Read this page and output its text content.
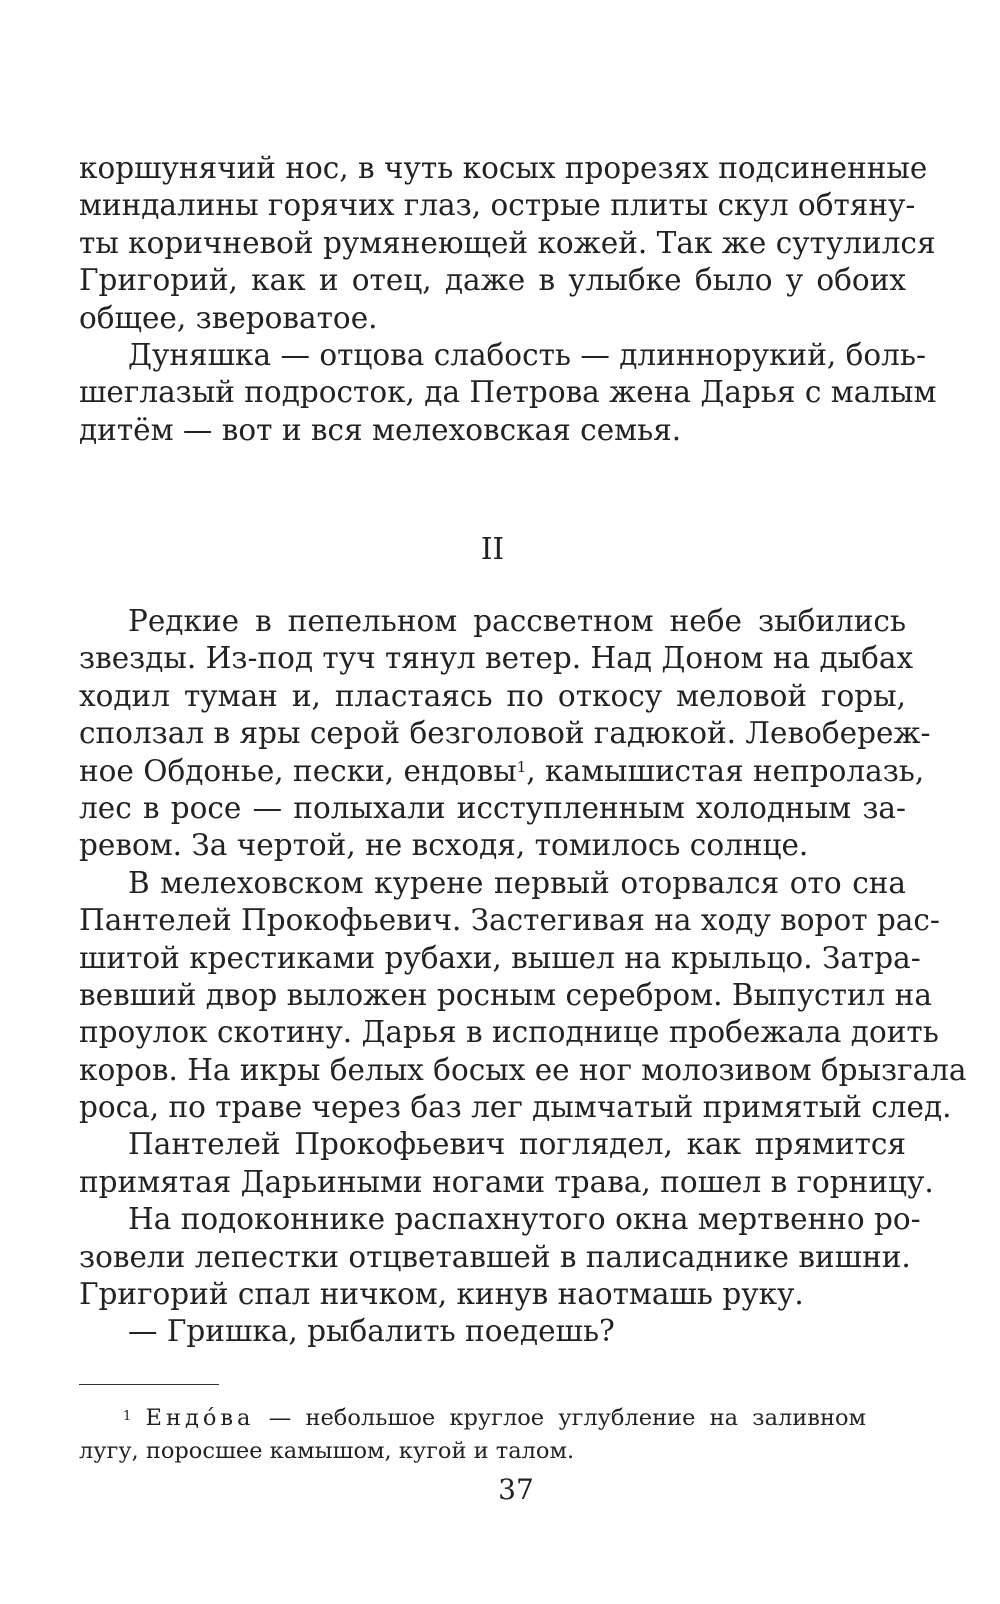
коршунячий нос, в чуть косых прорезях подсиненные
миндалины горячих глаз, острые плиты скул обтяну-
ты коричневой румянеющей кожей. Так же сутулился
Григорий, как и отец, даже в улыбке было у обоих
общее, звероватое.
Дуняшка — отцова слабость — длиннорукий, боль-
шеглазый подросток, да Петрова жена Дарья с малым
дитём — вот и вся мелеховская семья.
II
Редкие в пепельном рассветном небе зыбились
звезды. Из-под туч тянул ветер. Над Доном на дыбах
ходил туман и, пластаясь по откосу меловой горы,
сползал в яры серой безголовой гадюкой. Левобереж-
ное Обдонье, пески, ендовы$^1$, камышистая непролазь,
лес в росе — полыхали исступленным холодным за-
ревом. За чертой, не всходя, томилось солнце.
В мелеховском курене первый оторвался ото сна
Пантелей Прокофьевич. Застегивая на ходу ворот рас-
шитой крестиками рубахи, вышел на крыльцо. Затра-
вевший двор выложен росным серебром. Выпустил на
проулок скотину. Дарья в исподнице пробежала доить
коров. На икры белых босых ее ног молозивом брызгала
роса, по траве через баз лег дымчатый примятый след.
Пантелей Прокофьевич поглядел, как прямится
примятая Дарьиными ногами трава, пошел в горницу.
На подоконнике распахнутого окна мертвенно ро-
зовели лепестки отцветавшей в палисаднике вишни.
Григорий спал ничком, кинув наотмашь руку.
— Гришка, рыбалить поедешь?
$^1$ Ендóва — небольшое круглое углубление на заливном
лугу, поросшее камышом, кугой и талом.
37
